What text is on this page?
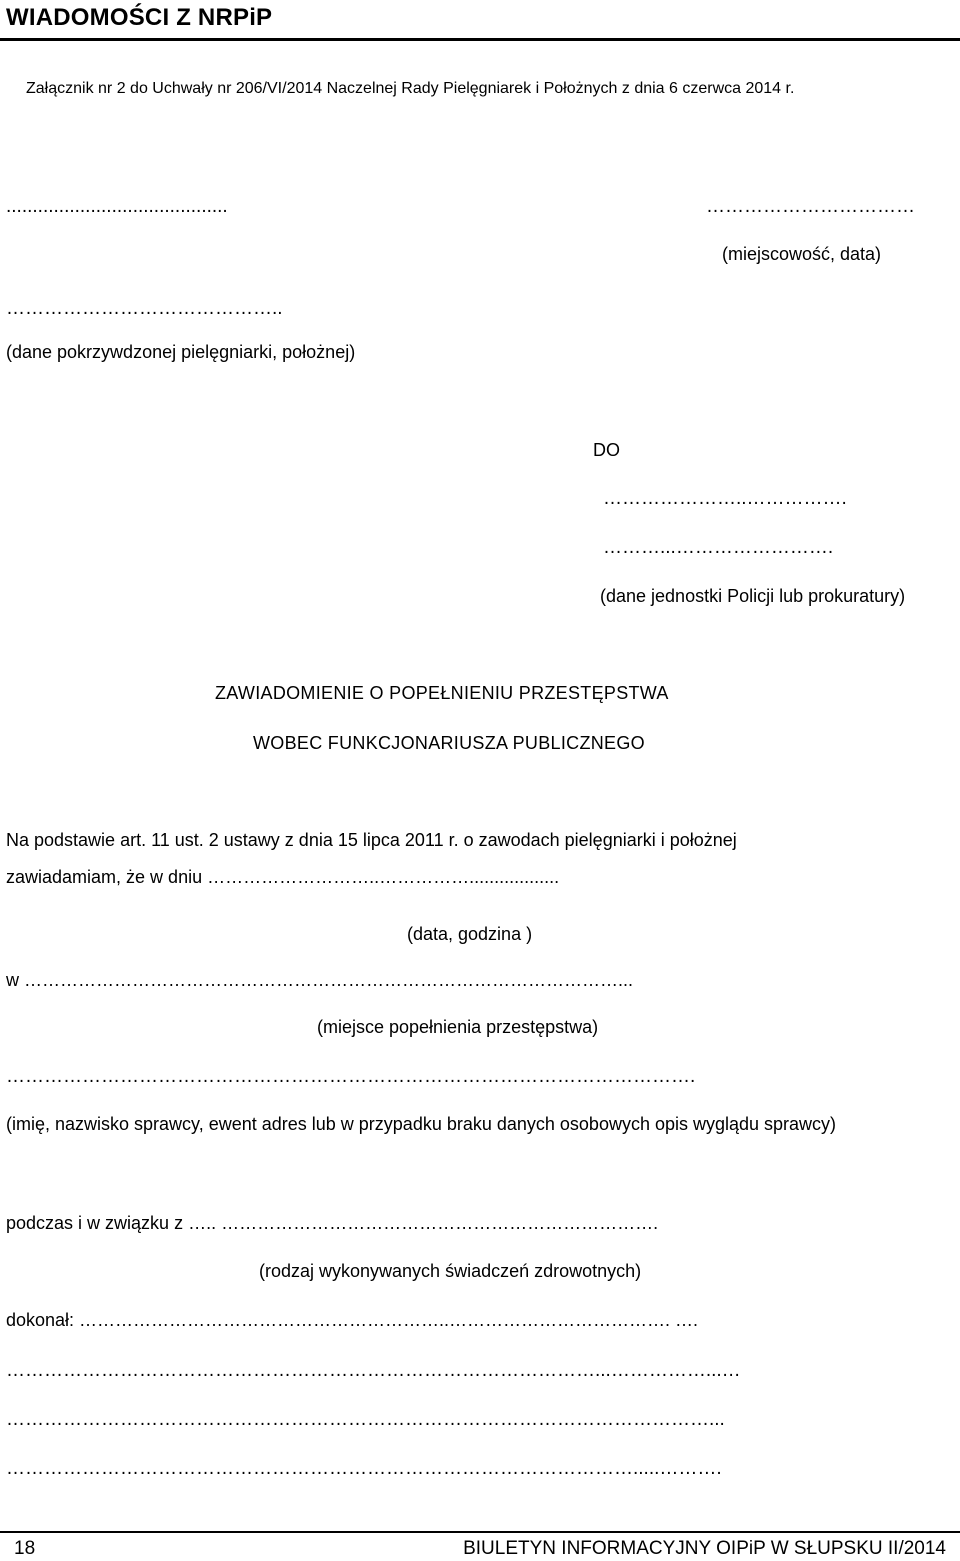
WIADOMOŚCI Z NRPiP
Załącznik nr 2 do Uchwały nr 206/VI/2014 Naczelnej Rady Pielęgniarek i Położnych z dnia 6 czerwca 2014 r.
..........................................	……………………………
(miejscowość, data)
……………………………………..
(dane pokrzywdzonej pielęgniarki, położnej)
DO
…………………..…………….
………...…………………….
(dane jednostki Policji lub prokuratury)
ZAWIADOMIENIE O POPEŁNIENIU PRZESTĘPSTWA
WOBEC FUNKCJONARIUSZA PUBLICZNEGO
Na podstawie art. 11 ust. 2 ustawy z dnia 15 lipca 2011 r. o zawodach pielęgniarki i położnej
zawiadamiam, że w dniu ………………………..……………..................
(data, godzina )
w ………………………………………………………………………………………...
(miejsce popełnienia przestępstwa)
……………………………………………………………………………………………….
(imię, nazwisko sprawcy, ewent adres lub w przypadku braku danych osobowych opis wyglądu sprawcy)
podczas i w związku z ….. ……………………………………………………………….
(rodzaj wykonywanych świadczeń zdrowotnych)
dokonał: ……………………………………………………..………………………………. ….
…………………………………………………………………………………...……………...…
…………………………………………………………………………………………………...
……………………………………………………………………………………….....……….
18	BIULETYN INFORMACYJNY OIPiP W SŁUPSKU II/2014
